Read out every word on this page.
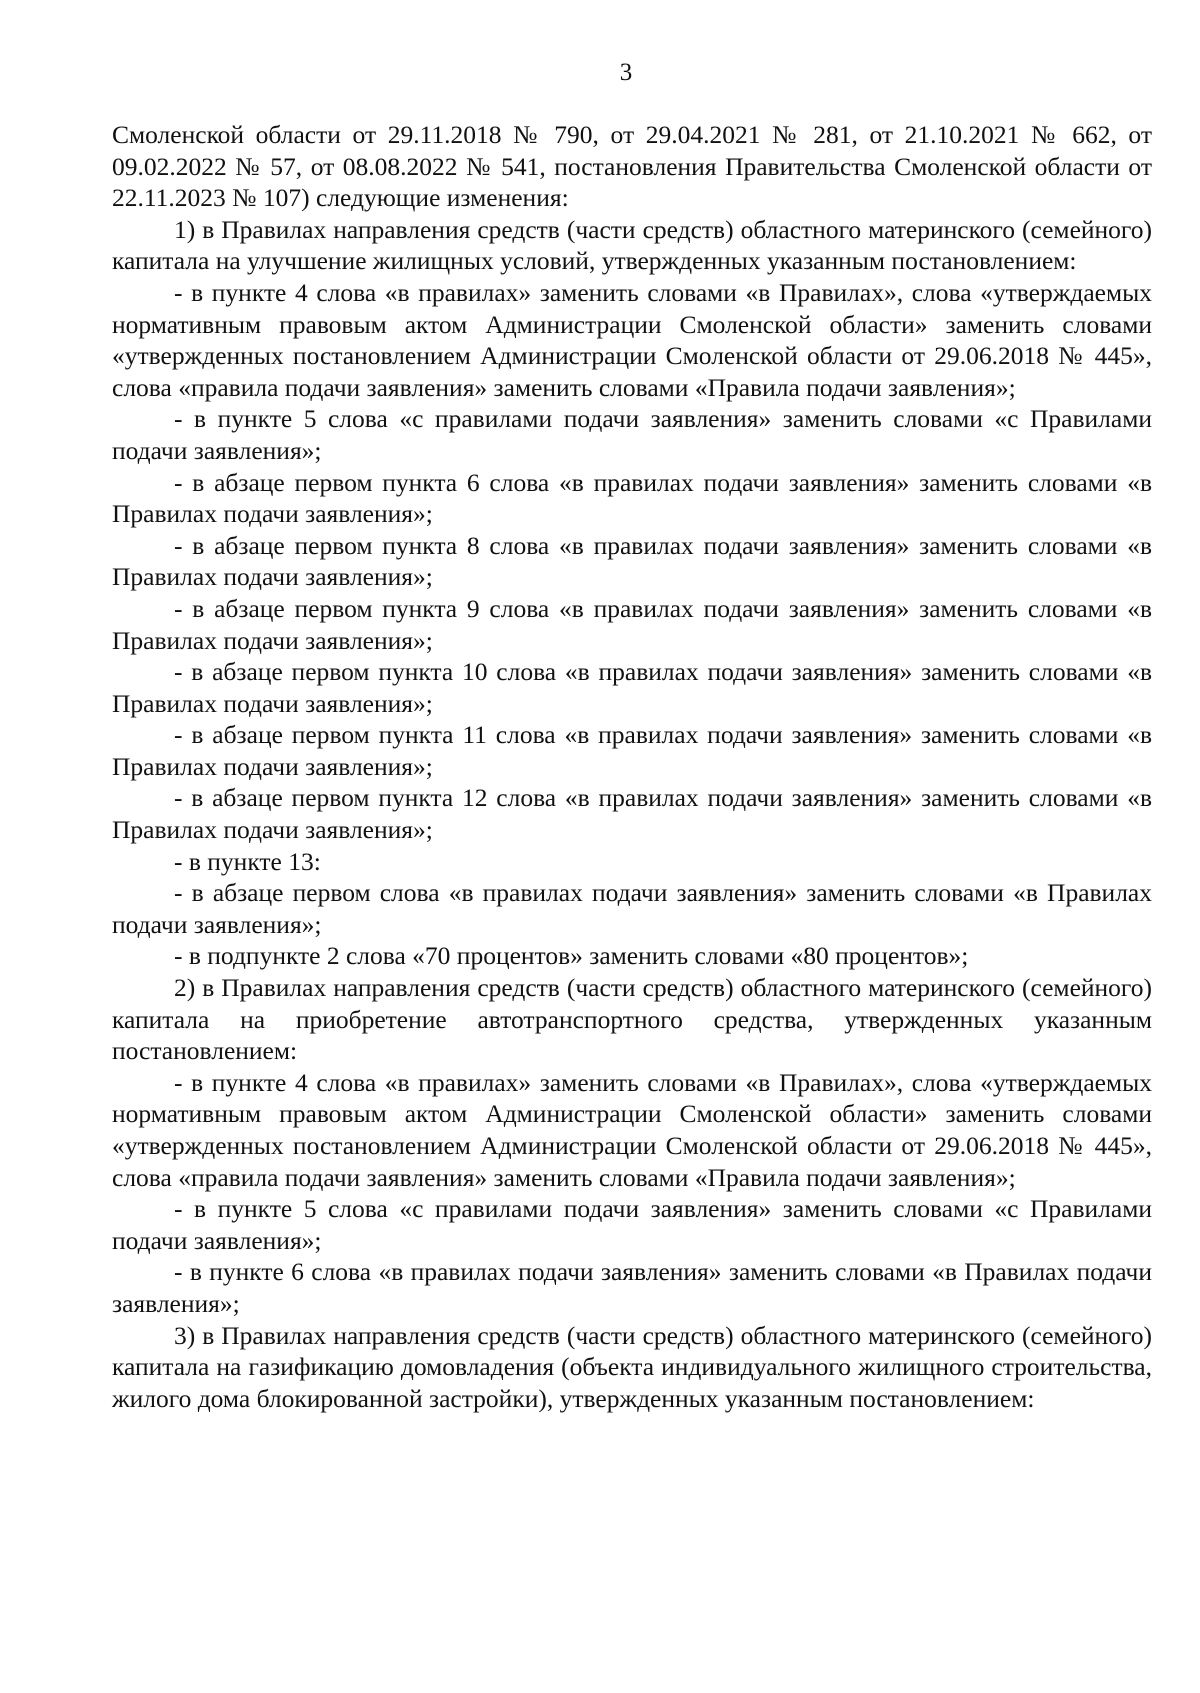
3

Смоленской области от 29.11.2018 № 790, от 29.04.2021 № 281, от 21.10.2021 № 662, от 09.02.2022 № 57, от 08.08.2022 № 541, постановления Правительства Смоленской области от 22.11.2023 № 107) следующие изменения:

1) в Правилах направления средств (части средств) областного материнского (семейного) капитала на улучшение жилищных условий, утвержденных указанным постановлением:

- в пункте 4 слова «в правилах» заменить словами «в Правилах», слова «утверждаемых нормативным правовым актом Администрации Смоленской области» заменить словами «утвержденных постановлением Администрации Смоленской области от 29.06.2018 № 445», слова «правила подачи заявления» заменить словами «Правила подачи заявления»;

- в пункте 5 слова «с правилами подачи заявления» заменить словами «с Правилами подачи заявления»;

- в абзаце первом пункта 6 слова «в правилах подачи заявления» заменить словами «в Правилах подачи заявления»;

- в абзаце первом пункта 8 слова «в правилах подачи заявления» заменить словами «в Правилах подачи заявления»;

- в абзаце первом пункта 9 слова «в правилах подачи заявления» заменить словами «в Правилах подачи заявления»;

- в абзаце первом пункта 10 слова «в правилах подачи заявления» заменить словами «в Правилах подачи заявления»;

- в абзаце первом пункта 11 слова «в правилах подачи заявления» заменить словами «в Правилах подачи заявления»;

- в абзаце первом пункта 12 слова «в правилах подачи заявления» заменить словами «в Правилах подачи заявления»;

- в пункте 13:

- в абзаце первом слова «в правилах подачи заявления» заменить словами «в Правилах подачи заявления»;

- в подпункте 2 слова «70 процентов» заменить словами «80 процентов»;

2) в Правилах направления средств (части средств) областного материнского (семейного) капитала на приобретение автотранспортного средства, утвержденных указанным постановлением:

- в пункте 4 слова «в правилах» заменить словами «в Правилах», слова «утверждаемых нормативным правовым актом Администрации Смоленской области» заменить словами «утвержденных постановлением Администрации Смоленской области от 29.06.2018 № 445», слова «правила подачи заявления» заменить словами «Правила подачи заявления»;

- в пункте 5 слова «с правилами подачи заявления» заменить словами «с Правилами подачи заявления»;

- в пункте 6 слова «в правилах подачи заявления» заменить словами «в Правилах подачи заявления»;

3) в Правилах направления средств (части средств) областного материнского (семейного) капитала на газификацию домовладения (объекта индивидуального жилищного строительства, жилого дома блокированной застройки), утвержденных указанным постановлением:
